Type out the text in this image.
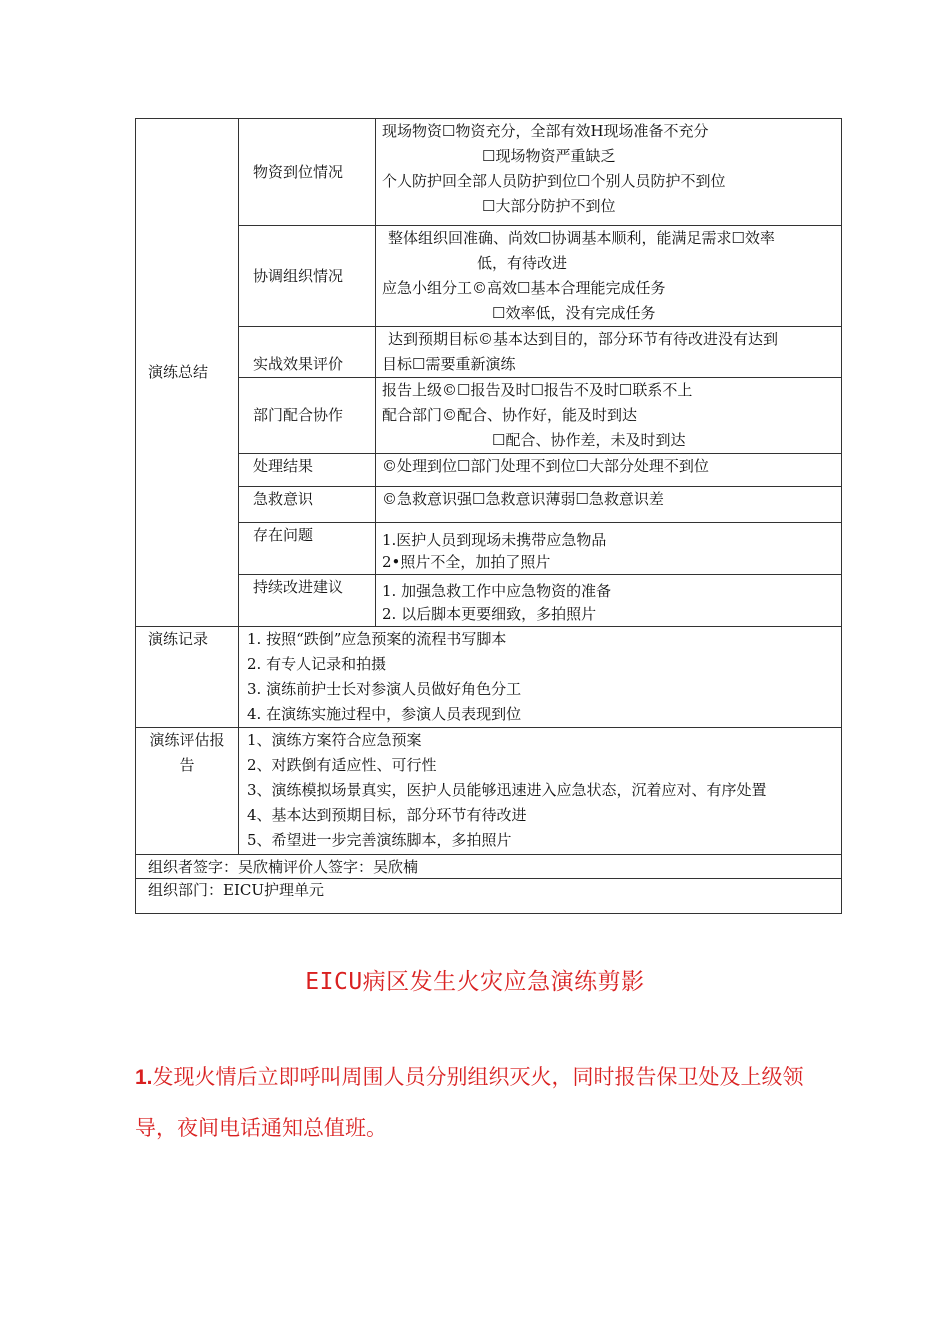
演练总结	物资到位情况	现场物资☐物资充分，全部有效H现场准备不充分
☐现场物资严重缺乏
个人防护回全部人员防护到位☐个别人员防护不到位
☐大部分防护不到位

	协调组织情况	整体组织回准确、尚效☐协调基本顺利，能满足需求☐效率
低，有待改进
应急小组分工©高效☐基本合理能完成任务
☐效率低，没有完成任务

	实战效果评价	达到预期目标©基本达到目的，部分环节有待改进没有达到
目标☐需要重新演练

	部门配合协作	报告上级©☐报告及时☐报告不及时☐联系不上
配合部门©配合、协作好，能及时到达
☐配合、协作差，未及时到达

	处理结果	©处理到位☐部门处理不到位☐大部分处理不到位
	急救意识	©急救意识强☐急救意识薄弱☐急救意识差
	存在问题	1.医护人员到现场未携带应急物品
2•照片不全，加拍了照片

	持续改进建议	1. 加强急救工作中应急物资的准备
2. 以后脚本更要细致，多拍照片

演练记录	1. 按照“跌倒”应急预案的流程书写脚本
2. 有专人记录和拍摄
3. 演练前护士长对参演人员做好角色分工
4. 在演练实施过程中，参演人员表现到位	

演练评估报
告	1、演练方案符合应急预案
2、对跌倒有适应性、可行性
3、演练模拟场景真实，医护人员能够迅速进入应急状态，沉着应对、有序处置
4、基本达到预期目标，部分环节有待改进
5、希望进一步完善演练脚本，多拍照片	

组织者签字：吴欣楠评价人签字：吴欣楠		
组织部门：EICU护理单元		
EICU病区发生火灾应急演练剪影
1.发现火情后立即呼叫周围人员分别组织灭火，同时报告保卫处及上级领导，夜间电话通知总值班。
